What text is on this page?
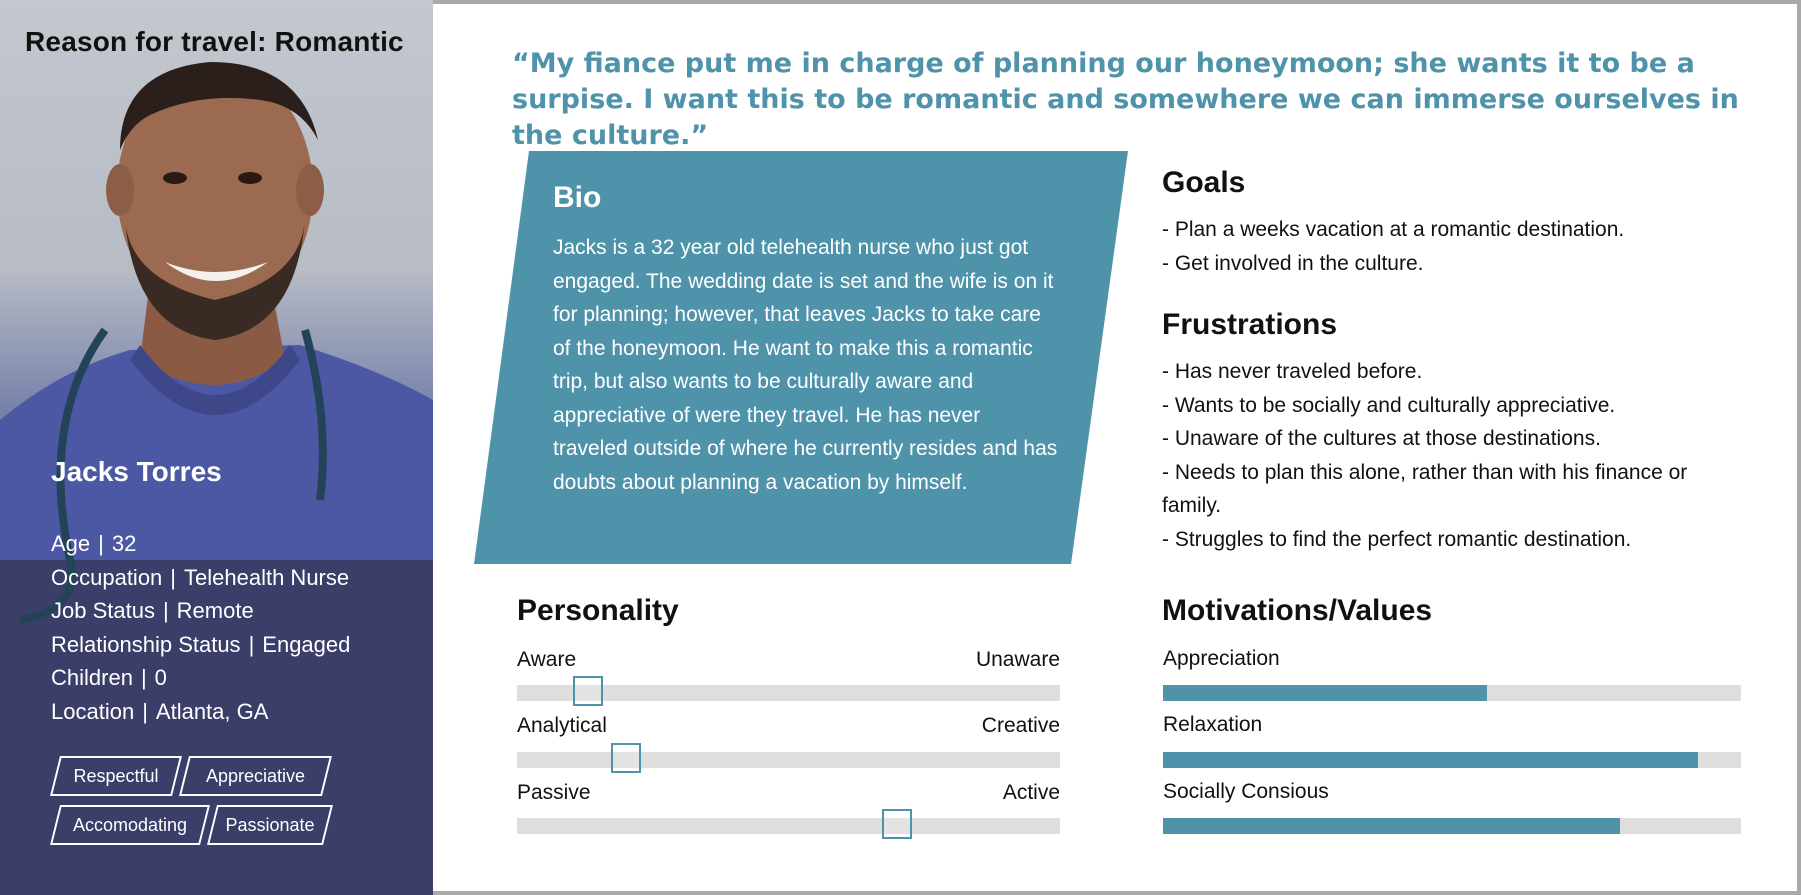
Reason for travel: Romantic
Jacks Torres
Age | 32
Occupation | Telehealth Nurse
Job Status | Remote
Relationship Status | Engaged
Children | 0
Location | Atlanta, GA
Respectful	Appreciative
Accomodating Passionate
“My fiance put me in charge of planning our honeymoon; she wants it to be a surpise. I want this to be romantic and somewhere we can immerse ourselves in the culture.”
Bio
Jacks is a 32 year old telehealth nurse who just got engaged. The wedding date is set and the wife is on it for planning; however, that leaves Jacks to take care of the honeymoon. He want to make this a romantic trip, but also wants to be culturally aware and appreciative of were they travel. He has never traveled outside of where he currently resides and has doubts about planning a vacation by himself.
Goals
- Plan a weeks vacation at a romantic destination.
- Get involved in the culture.
Frustrations
- Has never traveled before.
- Wants to be socially and culturally appreciative.
- Unaware of the cultures at those destinations.
- Needs to plan this alone, rather than with his finance or family.
- Struggles to find the perfect romantic destination.
Personality
Aware	Unaware
Analytical	Creative
Passive	Active
Motivations/Values
Appreciation
Relaxation
Socially Consious
